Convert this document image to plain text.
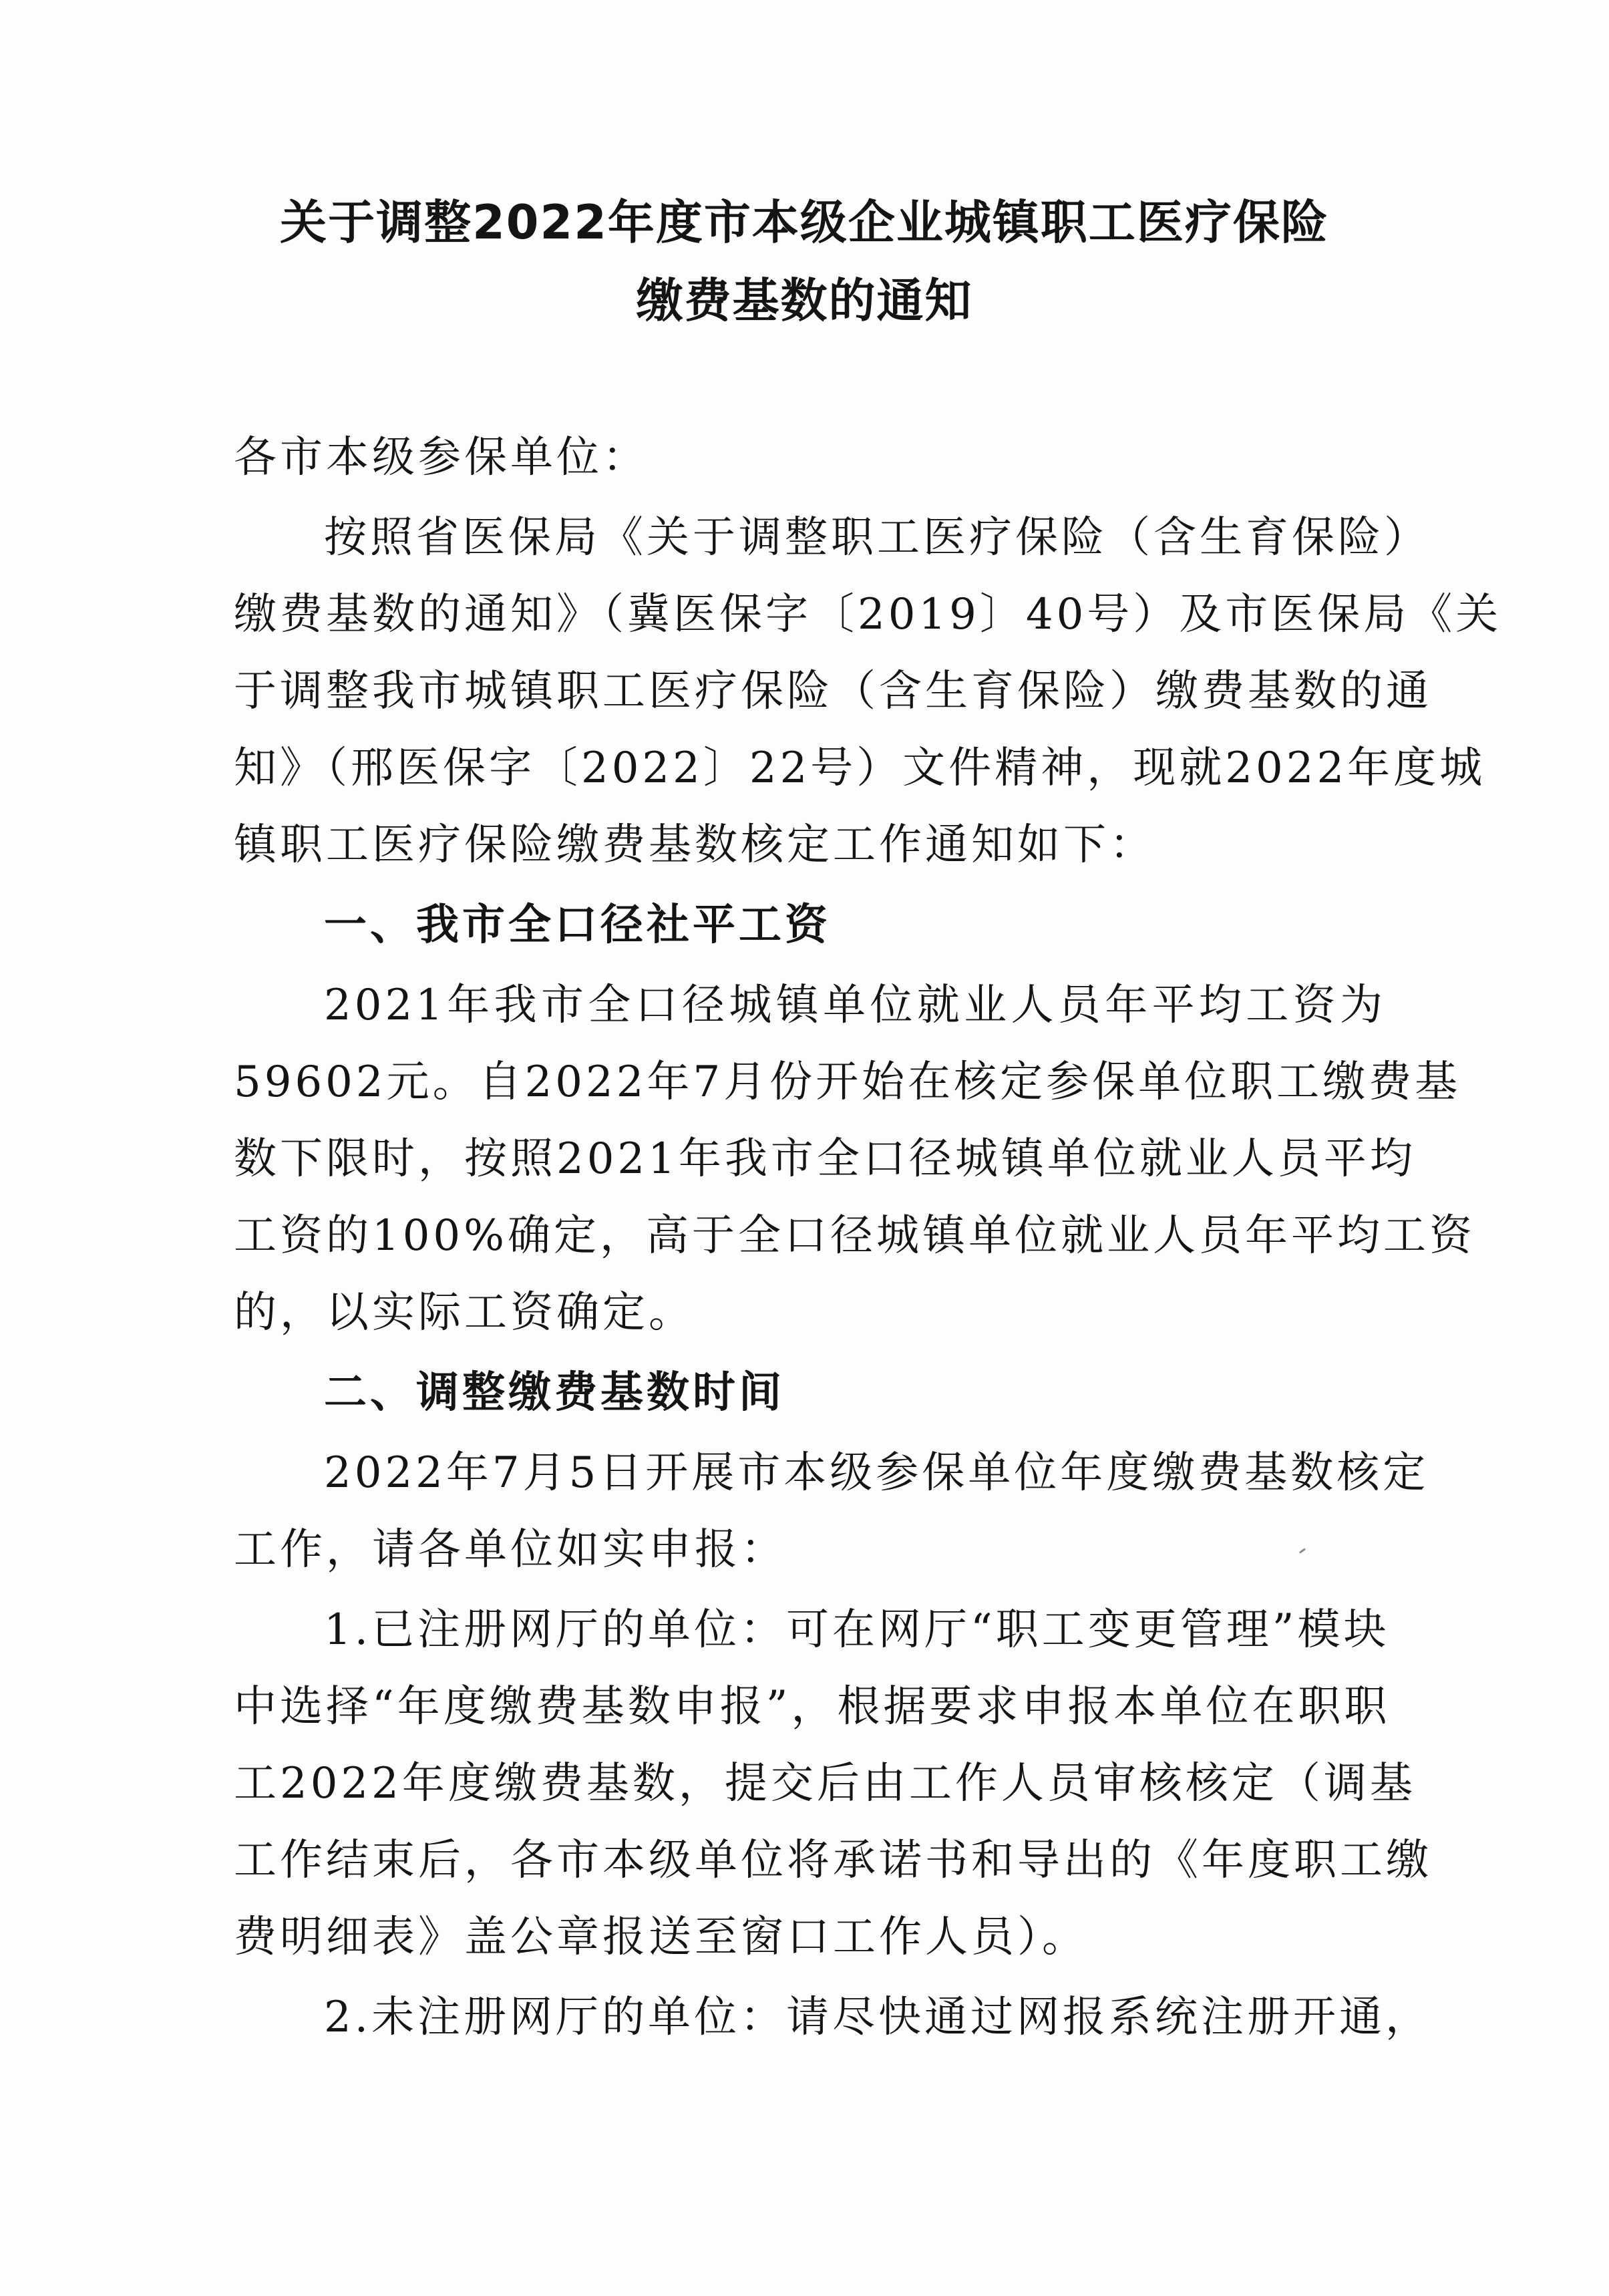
关于调整2022年度市本级企业城镇职工医疗保险
缴费基数的通知
各市本级参保单位：
按照省医保局《关于调整职工医疗保险（含生育保险）
缴费基数的通知》（冀医保字〔2019〕40号）及市医保局《关
于调整我市城镇职工医疗保险（含生育保险）缴费基数的通
知》（邢医保字〔2022〕22号）文件精神，现就2022年度城
镇职工医疗保险缴费基数核定工作通知如下：
一、我市全口径社平工资
2021年我市全口径城镇单位就业人员年平均工资为
59602元。自2022年7月份开始在核定参保单位职工缴费基
数下限时，按照2021年我市全口径城镇单位就业人员平均
工资的100%确定，高于全口径城镇单位就业人员年平均工资
的，以实际工资确定。
二、调整缴费基数时间
2022年7月5日开展市本级参保单位年度缴费基数核定
工作，请各单位如实申报：
1.已注册网厅的单位：可在网厅“职工变更管理”模块
中选择“年度缴费基数申报”，根据要求申报本单位在职职
工2022年度缴费基数，提交后由工作人员审核核定（调基
工作结束后，各市本级单位将承诺书和导出的《年度职工缴
费明细表》盖公章报送至窗口工作人员）。
2.未注册网厅的单位：请尽快通过网报系统注册开通，
